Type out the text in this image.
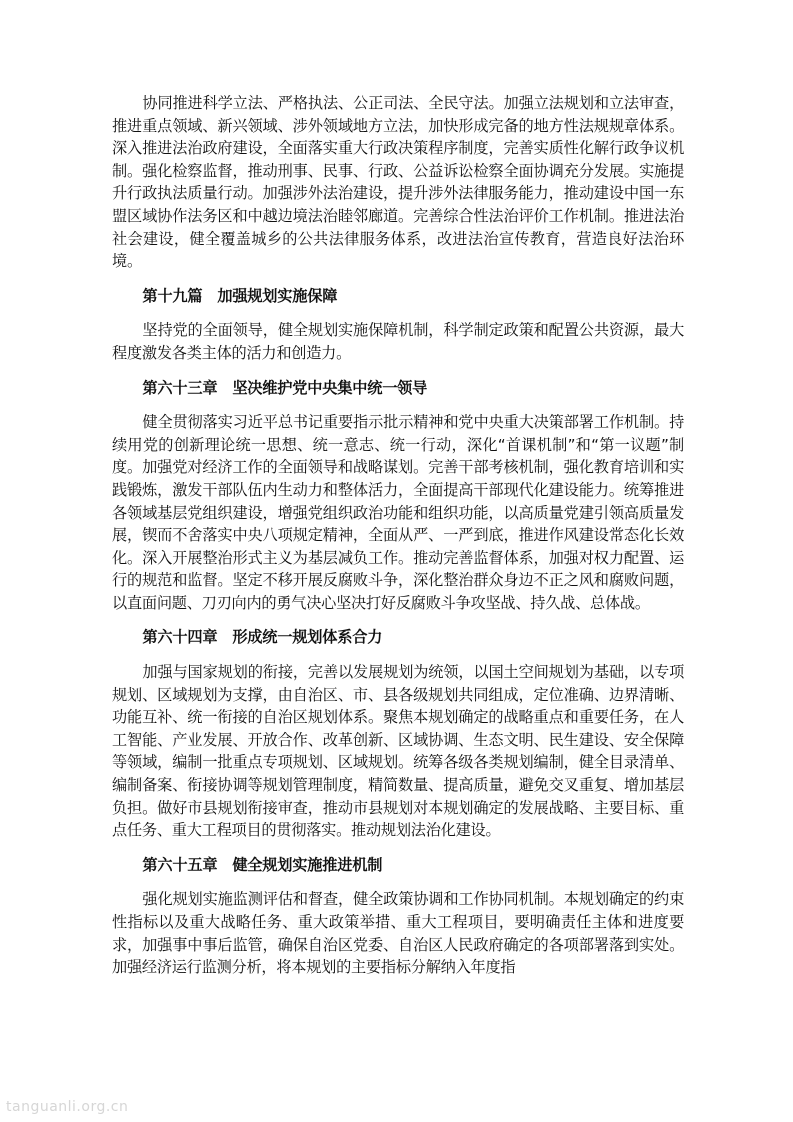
协同推进科学立法、严格执法、公正司法、全民守法。加强立法规划和立法审查，推进重点领域、新兴领域、涉外领域地方立法，加快形成完备的地方性法规规章体系。深入推进法治政府建设，全面落实重大行政决策程序制度，完善实质性化解行政争议机制。强化检察监督，推动刑事、民事、行政、公益诉讼检察全面协调充分发展。实施提升行政执法质量行动。加强涉外法治建设，提升涉外法律服务能力，推动建设中国一东盟区域协作法务区和中越边境法治睦邻廊道。完善综合性法治评价工作机制。推进法治社会建设，健全覆盖城乡的公共法律服务体系，改进法治宣传教育，营造良好法治环境。

第十九篇　加强规划实施保障

坚持党的全面领导，健全规划实施保障机制，科学制定政策和配置公共资源，最大程度激发各类主体的活力和创造力。

第六十三章　坚决维护党中央集中统一领导

健全贯彻落实习近平总书记重要指示批示精神和党中央重大决策部署工作机制。持续用党的创新理论统一思想、统一意志、统一行动，深化“首课机制”和“第一议题”制度。加强党对经济工作的全面领导和战略谋划。完善干部考核机制，强化教育培训和实践锻炼，激发干部队伍内生动力和整体活力，全面提高干部现代化建设能力。统筹推进各领域基层党组织建设，增强党组织政治功能和组织功能，以高质量党建引领高质量发展，锲而不舍落实中央八项规定精神，全面从严、一严到底，推进作风建设常态化长效化。深入开展整治形式主义为基层减负工作。推动完善监督体系，加强对权力配置、运行的规范和监督。坚定不移开展反腐败斗争，深化整治群众身边不正之风和腐败问题，以直面问题、刀刃向内的勇气决心坚决打好反腐败斗争攻坚战、持久战、总体战。

第六十四章　形成统一规划体系合力

加强与国家规划的衔接，完善以发展规划为统领，以国土空间规划为基础，以专项规划、区域规划为支撑，由自治区、市、县各级规划共同组成，定位准确、边界清晰、功能互补、统一衔接的自治区规划体系。聚焦本规划确定的战略重点和重要任务，在人工智能、产业发展、开放合作、改革创新、区域协调、生态文明、民生建设、安全保障等领域，编制一批重点专项规划、区域规划。统筹各级各类规划编制，健全目录清单、编制备案、衔接协调等规划管理制度，精简数量、提高质量，避免交叉重复、增加基层负担。做好市县规划衔接审查，推动市县规划对本规划确定的发展战略、主要目标、重点任务、重大工程项目的贯彻落实。推动规划法治化建设。

第六十五章　健全规划实施推进机制

强化规划实施监测评估和督查，健全政策协调和工作协同机制。本规划确定的约束性指标以及重大战略任务、重大政策举措、重大工程项目，要明确责任主体和进度要求，加强事中事后监管，确保自治区党委、自治区人民政府确定的各项部署落到实处。加强经济运行监测分析，将本规划的主要指标分解纳入年度指

tanguanli.org.cn
